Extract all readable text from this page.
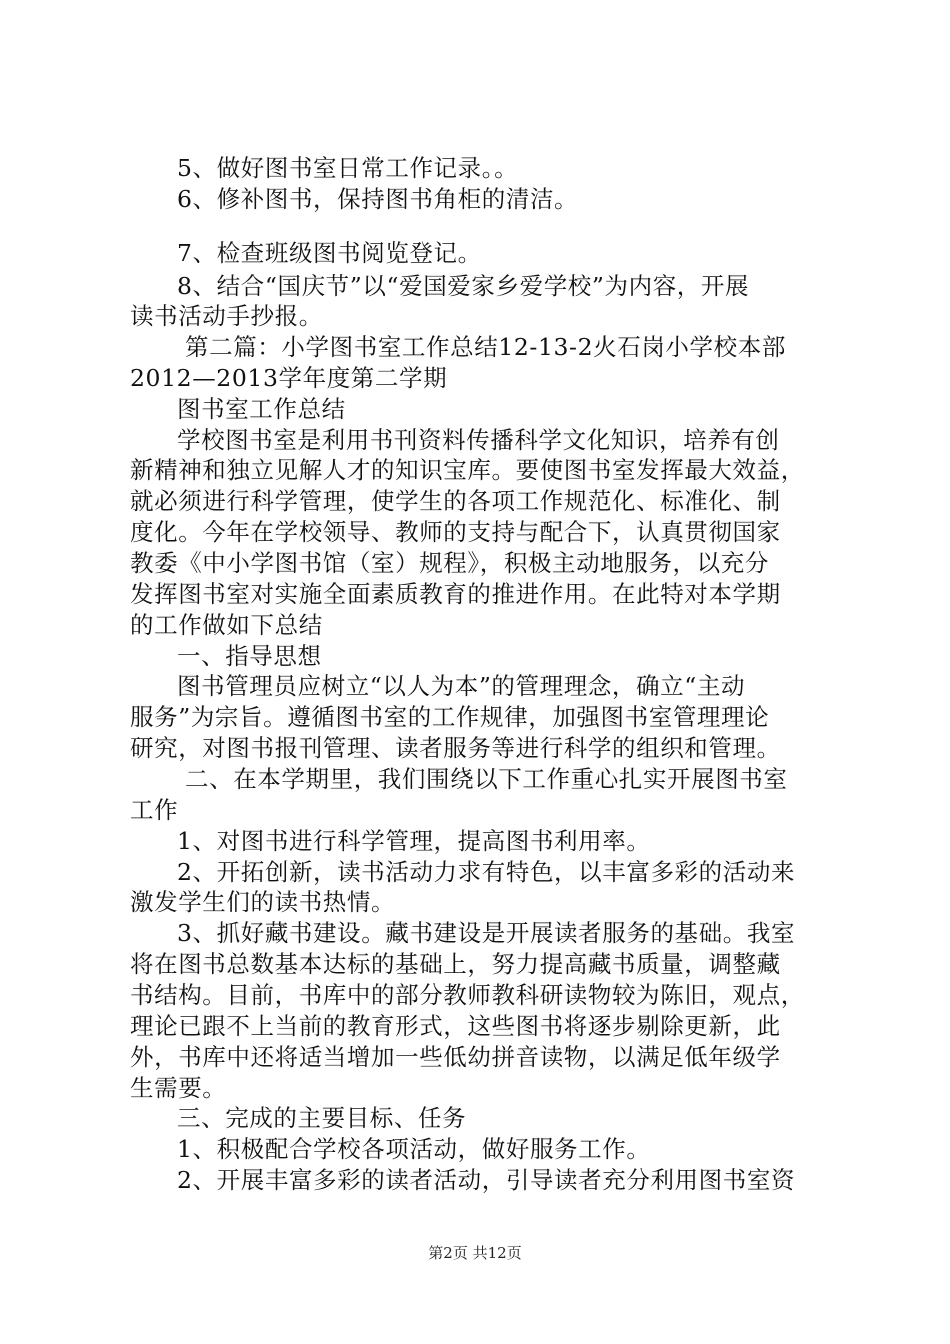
5、做好图书室日常工作记录。。
6、修补图书，保持图书角柜的清洁。
7、检查班级图书阅览登记。
8、结合“国庆节”以“爱国爱家乡爱学校”为内容，开展
读书活动手抄报。
第二篇：小学图书室工作总结12-13-2火石岗小学校本部
2012—2013学年度第二学期
图书室工作总结
学校图书室是利用书刊资料传播科学文化知识，培养有创
新精神和独立见解人才的知识宝库。要使图书室发挥最大效益，
就必须进行科学管理，使学生的各项工作规范化、标准化、制
度化。今年在学校领导、教师的支持与配合下，认真贯彻国家
教委《中小学图书馆（室）规程》，积极主动地服务，以充分
发挥图书室对实施全面素质教育的推进作用。在此特对本学期
的工作做如下总结
一、指导思想
图书管理员应树立“以人为本”的管理理念，确立“主动
服务”为宗旨。遵循图书室的工作规律，加强图书室管理理论
研究，对图书报刊管理、读者服务等进行科学的组织和管理。
二、在本学期里，我们围绕以下工作重心扎实开展图书室
工作
1、对图书进行科学管理，提高图书利用率。
2、开拓创新，读书活动力求有特色，以丰富多彩的活动来
激发学生们的读书热情。
3、抓好藏书建设。藏书建设是开展读者服务的基础。我室
将在图书总数基本达标的基础上，努力提高藏书质量，调整藏
书结构。目前，书库中的部分教师教科研读物较为陈旧，观点，
理论已跟不上当前的教育形式，这些图书将逐步剔除更新，此
外，书库中还将适当增加一些低幼拼音读物，以满足低年级学
生需要。
三、完成的主要目标、任务
1、积极配合学校各项活动，做好服务工作。
2、开展丰富多彩的读者活动，引导读者充分利用图书室资
第2页 共12页
